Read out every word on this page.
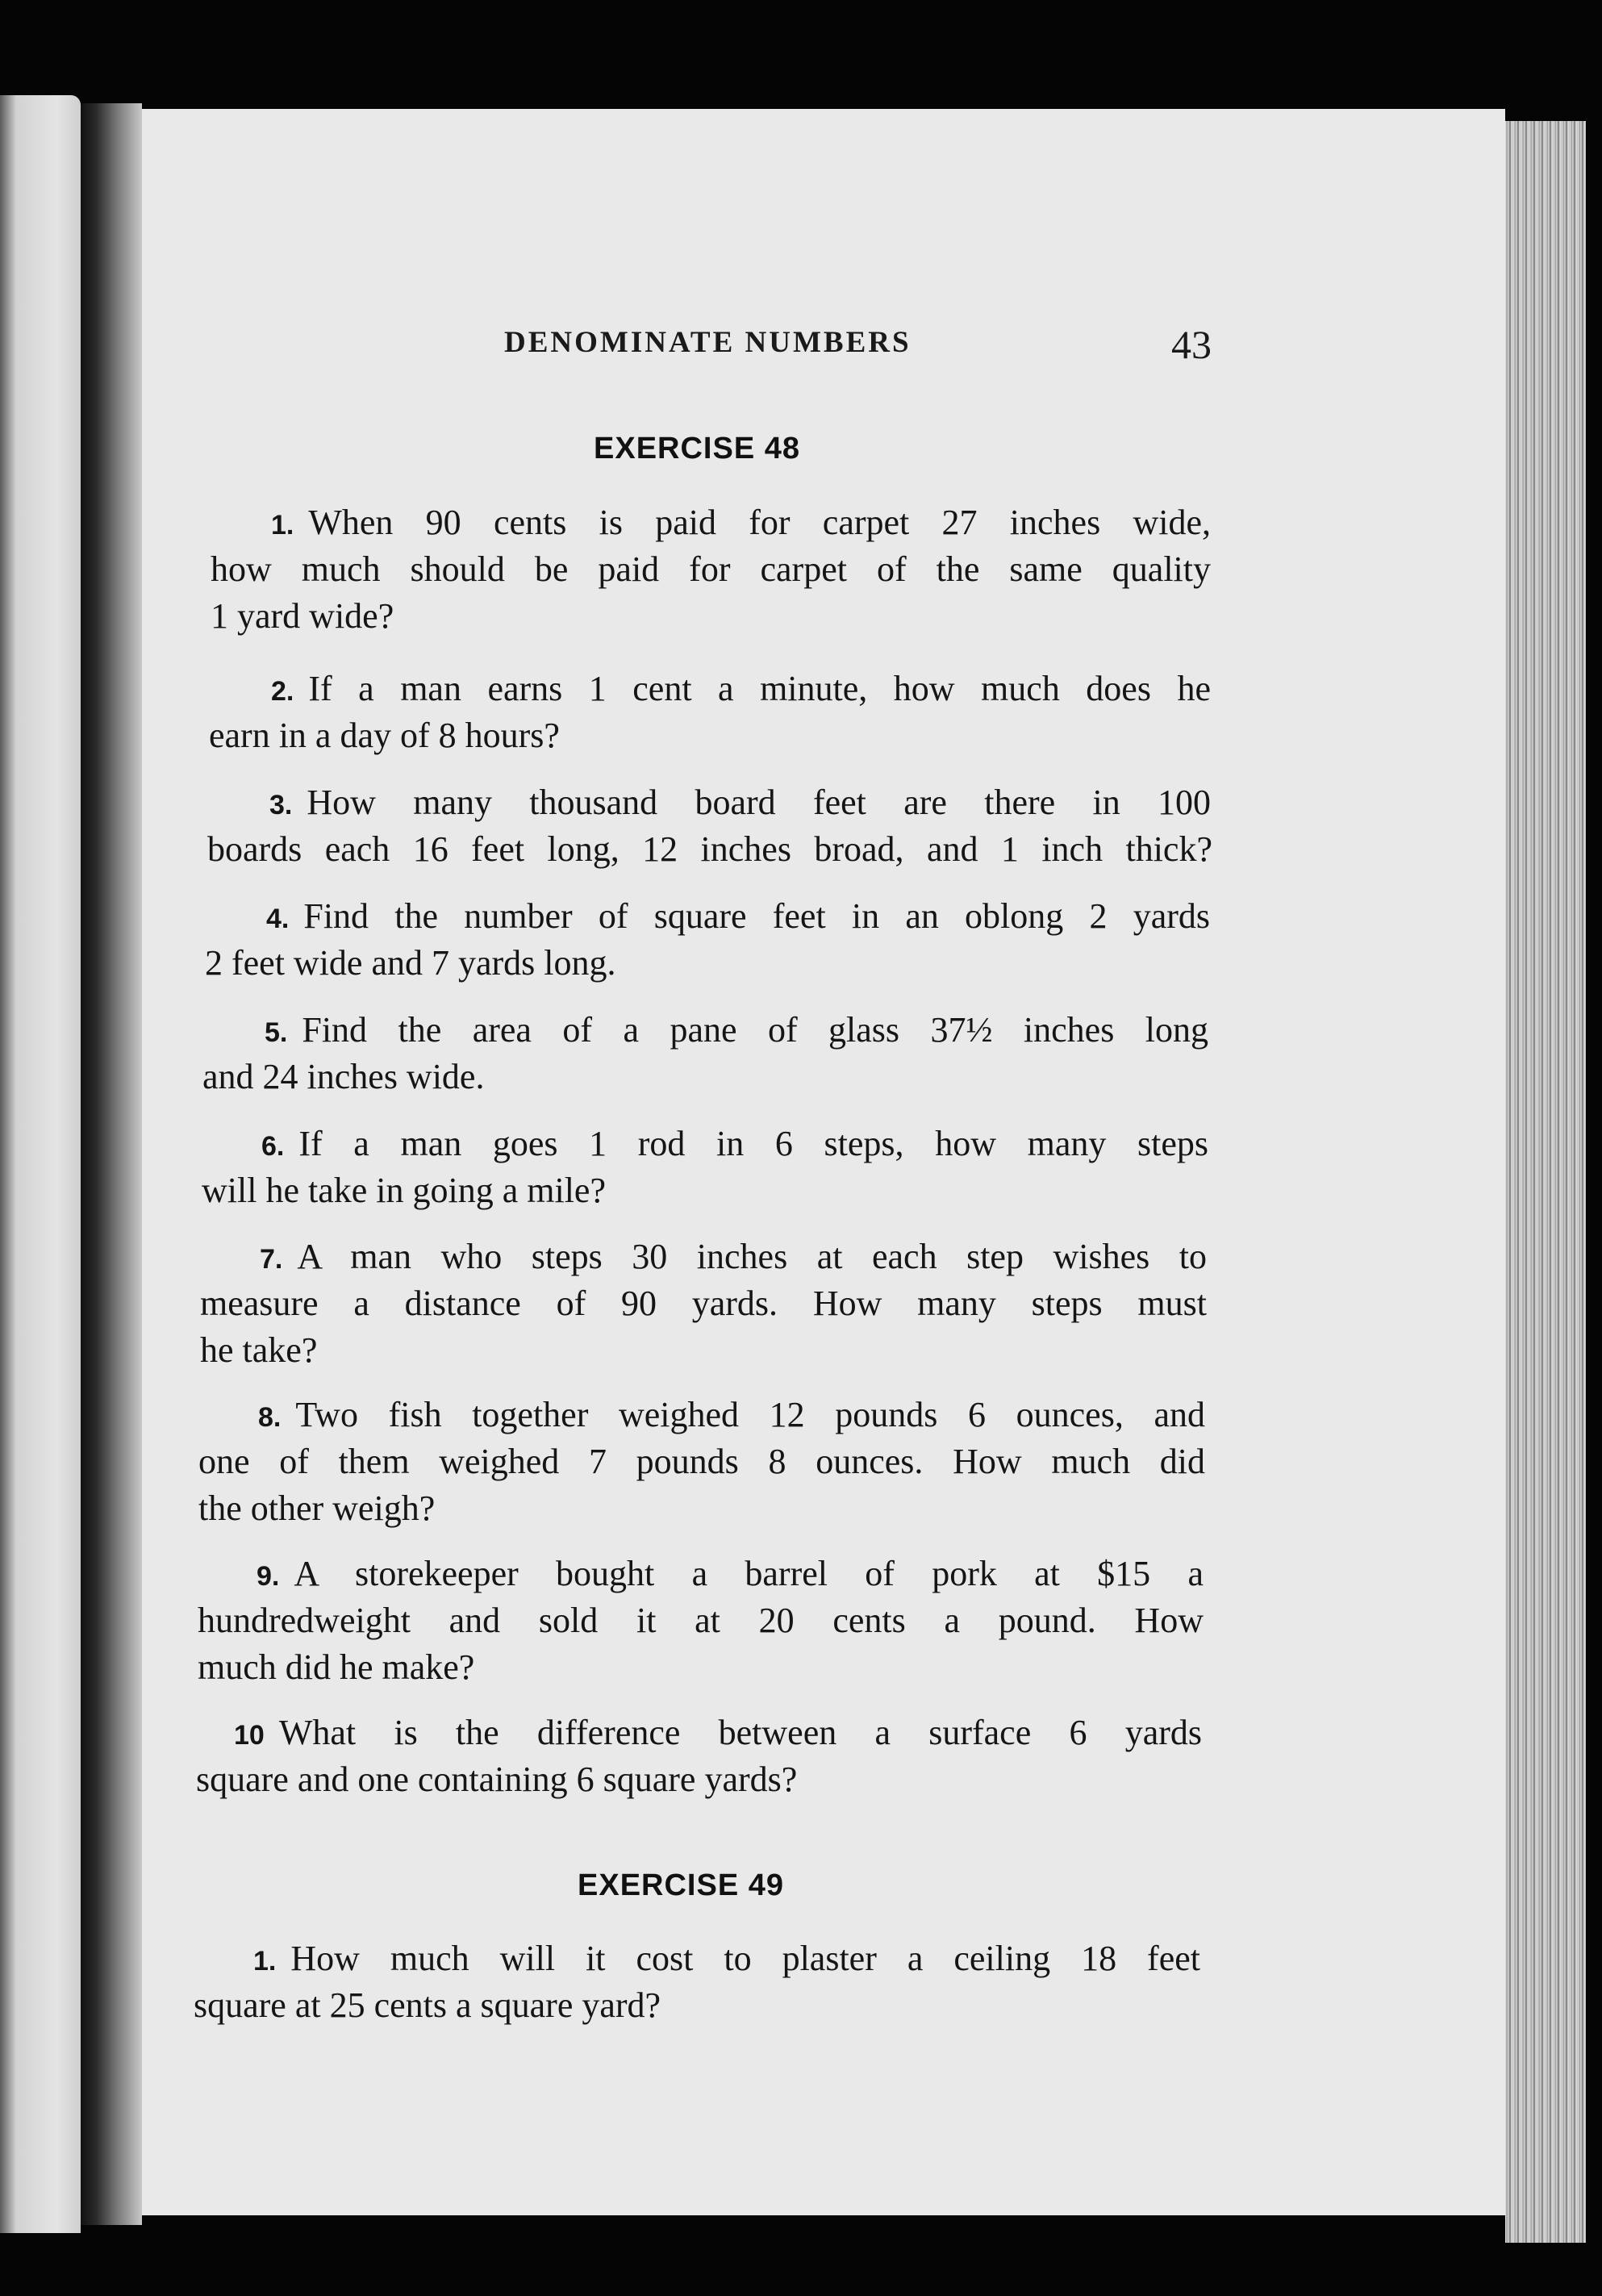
DENOMINATE NUMBERS	43
EXERCISE 48
1. When 90 cents is paid for carpet 27 inches wide,
how much should be paid for carpet of the same quality
1 yard wide?
2. If a man earns 1 cent a minute, how much does he
earn in a day of 8 hours?
3. How many thousand board feet are there in 100
boards each 16 feet long, 12 inches broad, and 1 inch thick?
4. Find the number of square feet in an oblong 2 yards
2 feet wide and 7 yards long.
5. Find the area of a pane of glass 37½ inches long
and 24 inches wide.
6. If a man goes 1 rod in 6 steps, how many steps
will he take in going a mile?
7. A man who steps 30 inches at each step wishes to
measure a distance of 90 yards. How many steps must
he take?
8. Two fish together weighed 12 pounds 6 ounces, and
one of them weighed 7 pounds 8 ounces. How much did
the other weigh?
9. A storekeeper bought a barrel of pork at $15 a
hundredweight and sold it at 20 cents a pound. How
much did he make?
10 What is the difference between a surface 6 yards
square and one containing 6 square yards?
EXERCISE 49
1. How much will it cost to plaster a ceiling 18 feet
square at 25 cents a square yard?
